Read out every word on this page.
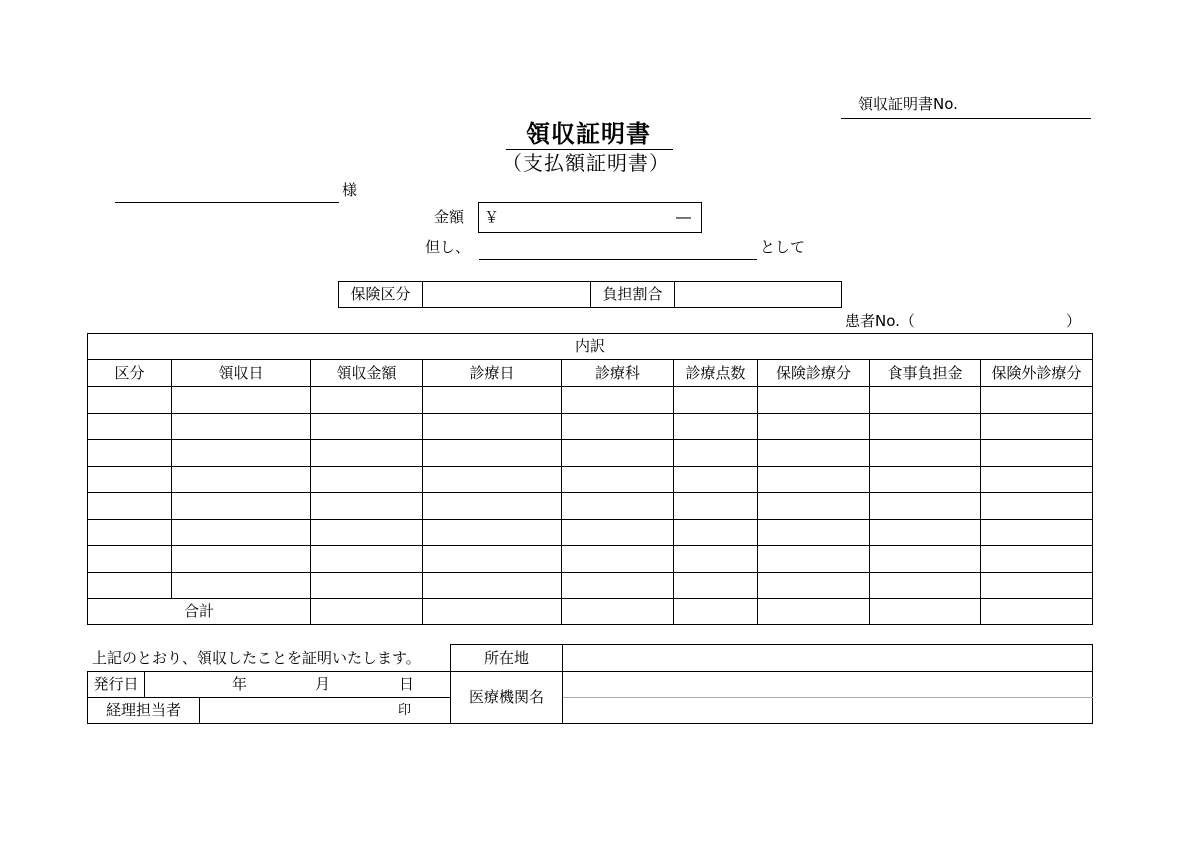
領収証明書No.
領収証明書
（支払額証明書）
様
金額 ￥	―
但し、	として
保険区分		負担割合	
患者No.（	）
内訳								
区分	領収日	領収金額	診療日	診療科	診療点数	保険診療分	食事負担金	保険外診療分

合計								
上記のとおり、領収したことを証明いたします。
発行日	年 月 日	

経理担当者		印
所在地	
医療機関名	
